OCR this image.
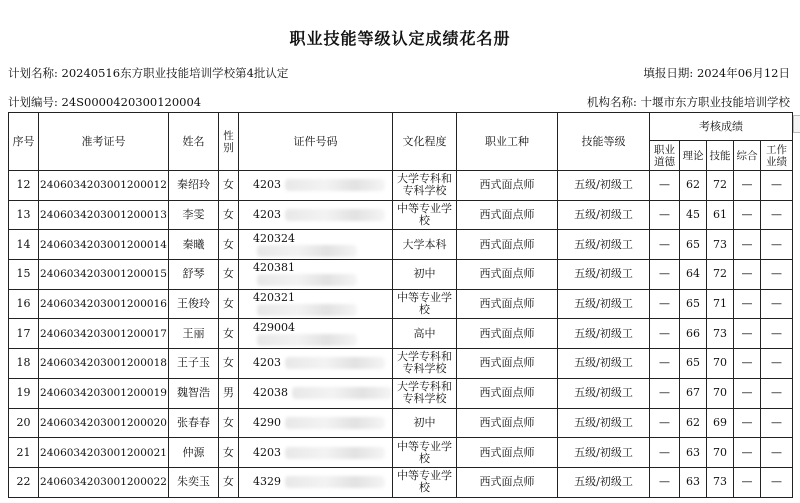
职业技能等级认定成绩花名册
计划名称: 20240516东方职业技能培训学校第4批认定	填报日期: 2024年06月12日
计划编号: 24S0000420300120004	机构名称: 十堰市东方职业技能培训学校
序号	准考证号	姓名	性别	证件号码	文化程度	职业工种	技能等级	考核成绩				
								职业道德	理论	技能	综合	工作业绩
12	240603420300120001​2	秦绍玲	女	4203	大学专科和专科学校	西式面点师	五级/初级工	—	62	72	—	—
13	2406034203001200013	李雯	女	4203	中等专业学校	西式面点师	五级/初级工	—	45	61	—	—
14	2406034203001200014	秦曦	女	420324	大学本科	西式面点师	五级/初级工	—	65	73	—	—
15	2406034203001200015	舒琴	女	420381	初中	西式面点师	五级/初级工	—	64	72	—	—
16	2406034203001200016	王俊玲	女	420321	中等专业学校	西式面点师	五级/初级工	—	65	71	—	—
17	2406034203001200017	王丽	女	429004	高中	西式面点师	五级/初级工	—	66	73	—	—
18	2406034203001200018	王子玉	女	4203	大学专科和专科学校	西式面点师	五级/初级工	—	65	70	—	—
19	2406034203001200019	魏智浩	男	42038	大学专科和专科学校	西式面点师	五级/初级工	—	67	70	—	—
20	2406034203001200020	张春春	女	4290	初中	西式面点师	五级/初级工	—	62	69	—	—
21	2406034203001200021	仲源	女	4203	中等专业学校	西式面点师	五级/初级工	—	63	70	—	—
22	2406034203001200022	朱奕玉	女	4329	中等专业学校	西式面点师	五级/初级工	—	63	73	—	—
